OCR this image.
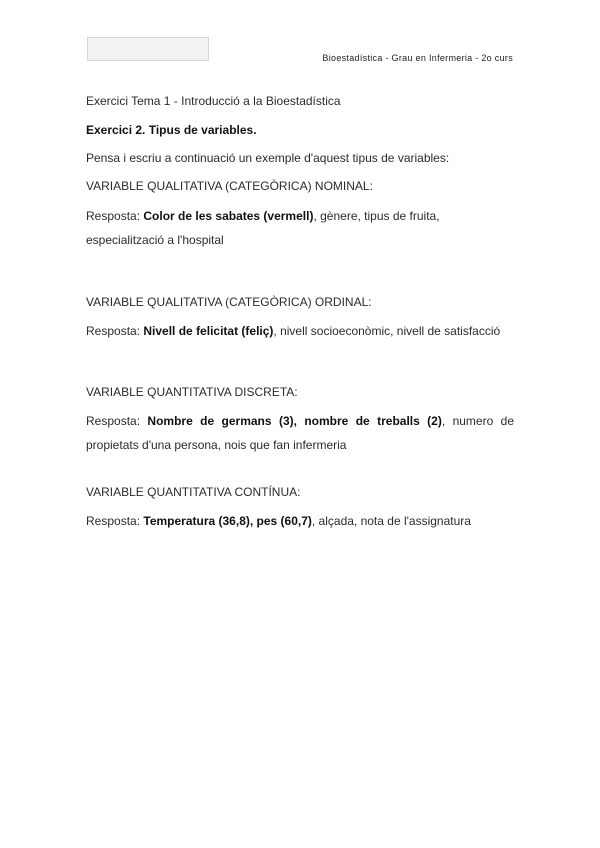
Bioestadística - Grau en Infermeria - 2o curs
Exercici Tema 1 - Introducció a la Bioestadística
Exercici 2. Tipus de variables.
Pensa i escriu a continuació un exemple d'aquest tipus de variables:
VARIABLE QUALITATIVA (CATEGÒRICA) NOMINAL:
Resposta: Color de les sabates (vermell), gènere, tipus de fruita, especialització a l'hospital
VARIABLE QUALITATIVA (CATEGÒRICA) ORDINAL:
Resposta: Nivell de felicitat (feliç), nivell socioeconòmic, nivell de satisfacció
VARIABLE QUANTITATIVA DISCRETA:
Resposta: Nombre de germans (3), nombre de treballs (2), numero de propietats d'una persona, nois que fan infermeria
VARIABLE QUANTITATIVA CONTÍNUA:
Resposta: Temperatura (36,8), pes (60,7), alçada, nota de l'assignatura
